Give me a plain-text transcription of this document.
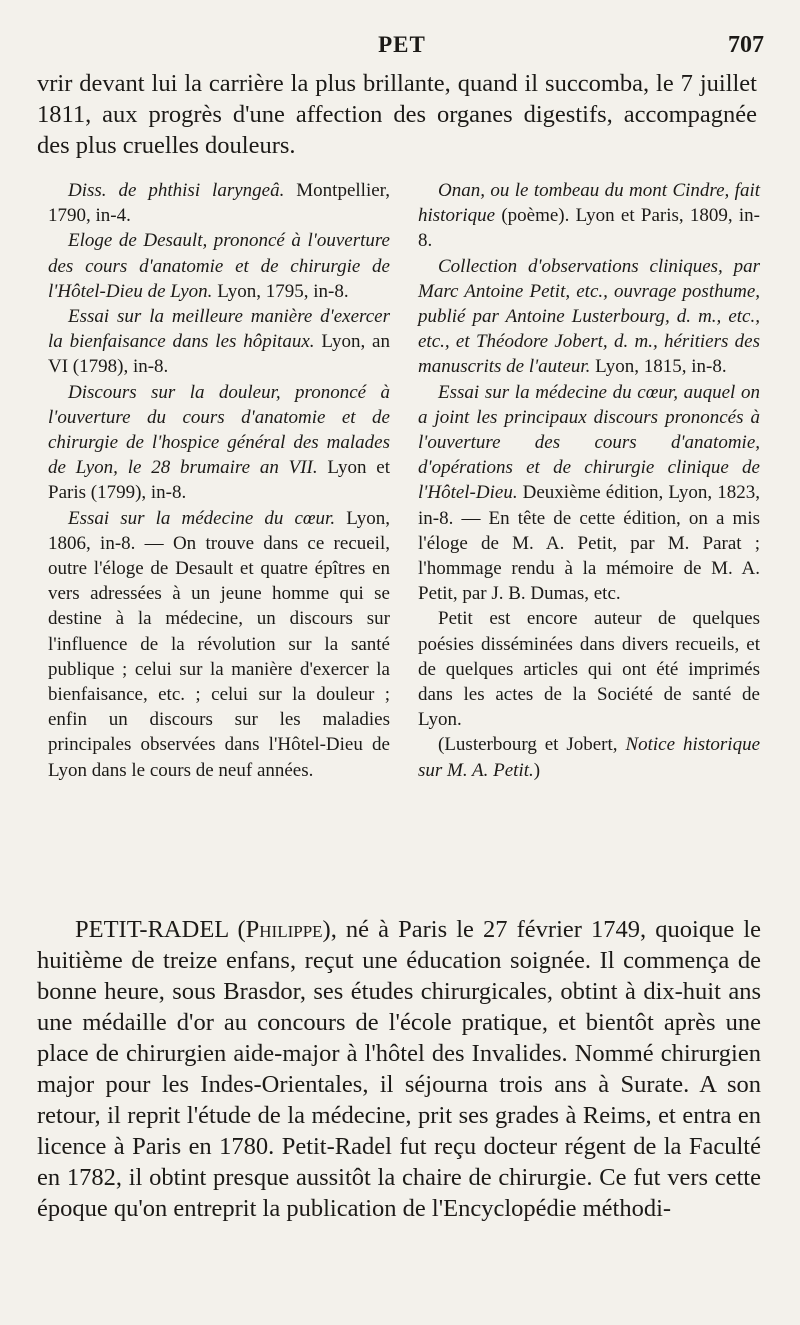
PET	707

vrir devant lui la carrière la plus brillante, quand il succomba, le 7 juillet 1811, aux progrès d'une affection des organes digestifs, accompagnée des plus cruelles douleurs.

Diss. de phthisi laryngeâ. Montpellier, 1790, in-4.

Eloge de Desault, prononcé à l'ouverture des cours d'anatomie et de chirurgie de l'Hôtel-Dieu de Lyon. Lyon, 1795, in-8.

Essai sur la meilleure manière d'exercer la bienfaisance dans les hôpitaux. Lyon, an VI (1798), in-8.

Discours sur la douleur, prononcé à l'ouverture du cours d'anatomie et de chirurgie de l'hospice général des malades de Lyon, le 28 brumaire an VII. Lyon et Paris (1799), in-8.

Essai sur la médecine du cœur. Lyon, 1806, in-8. — On trouve dans ce recueil, outre l'éloge de Desault et quatre épîtres en vers adressées à un jeune homme qui se destine à la médecine, un discours sur l'influence de la révolution sur la santé publique ; celui sur la manière d'exercer la bienfaisance, etc. ; celui sur la douleur ; enfin un discours sur les maladies principales observées dans l'Hôtel-Dieu de Lyon dans le cours de neuf années.

Onan, ou le tombeau du mont Cindre, fait historique (poème). Lyon et Paris, 1809, in-8.

Collection d'observations cliniques, par Marc Antoine Petit, etc., ouvrage posthume, publié par Antoine Lusterbourg, d. m., etc., etc., et Théodore Jobert, d. m., héritiers des manuscrits de l'auteur. Lyon, 1815, in-8.

Essai sur la médecine du cœur, auquel on a joint les principaux discours prononcés à l'ouverture des cours d'anatomie, d'opérations et de chirurgie clinique de l'Hôtel-Dieu. Deuxième édition, Lyon, 1823, in-8. — En tête de cette édition, on a mis l'éloge de M. A. Petit, par M. Parat ; l'hommage rendu à la mémoire de M. A. Petit, par J. B. Dumas, etc.

Petit est encore auteur de quelques poésies disséminées dans divers recueils, et de quelques articles qui ont été imprimés dans les actes de la Société de santé de Lyon.

(Lusterbourg et Jobert, Notice historique sur M. A. Petit.)

PETIT-RADEL (Philippe), né à Paris le 27 février 1749, quoique le huitième de treize enfans, reçut une éducation soignée. Il commença de bonne heure, sous Brasdor, ses études chirurgicales, obtint à dix-huit ans une médaille d'or au concours de l'école pratique, et bientôt après une place de chirurgien aide-major à l'hôtel des Invalides. Nommé chirurgien major pour les Indes-Orientales, il séjourna trois ans à Surate. A son retour, il reprit l'étude de la médecine, prit ses grades à Reims, et entra en licence à Paris en 1780. Petit-Radel fut reçu docteur régent de la Faculté en 1782, il obtint presque aussitôt la chaire de chirurgie. Ce fut vers cette époque qu'on entreprit la publication de l'Encyclopédie méthodi-
